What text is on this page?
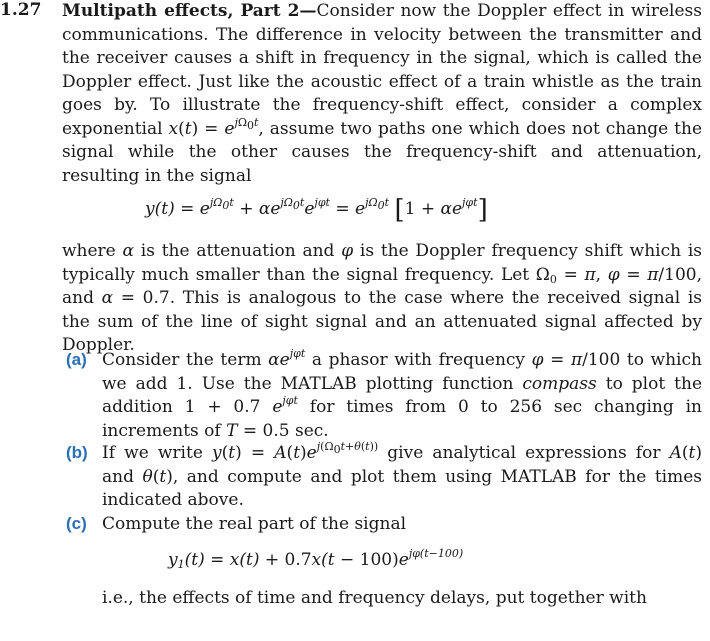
1.27 Multipath effects, Part 2—Consider now the Doppler effect in wireless communications. The difference in velocity between the transmitter and the receiver causes a shift in frequency in the signal, which is called the Doppler effect. Just like the acoustic effect of a train whistle as the train goes by. To illustrate the frequency-shift effect, consider a complex exponential $x(t) = e^{j\Omega_0t}$, assume two paths one which does not change the signal while the other causes the frequency-shift and attenuation, resulting in the signal
$y(t) = e^{j\Omega_0t} + \alpha e^{j\Omega_0t}e^{j\varphi t} = e^{j\Omega_0t}$ $[1 + \alpha e^{j\varphi t}]$
where α is the attenuation and φ is the Doppler frequency shift which is typically much smaller than the signal frequency. Let $\Omega_0 = \pi$, φ = π/100, and α = 0.7. This is analogous to the case where the received signal is the sum of the line of sight signal and an attenuated signal affected by Doppler.
(a) Consider the term $\alpha e^{j\varphi t}$ a phasor with frequency φ = π/100 to which we add 1. Use the MATLAB plotting function compass to plot the addition 1 + 0.7 $e^{j\varphi t}$ for times from 0 to 256 sec changing in increments of T = 0.5 sec.
(b) If we write $y(t) = A(t)e^{j(\Omega_0t+\theta(t))}$ give analytical expressions for A(t) and θ(t), and compute and plot them using MATLAB for the times indicated above.
(c) Compute the real part of the signal
$y_1(t) = x(t) + 0.7x(t - 100)e^{j\varphi(t-100)}$
i.e., the effects of time and frequency delays, put together with
